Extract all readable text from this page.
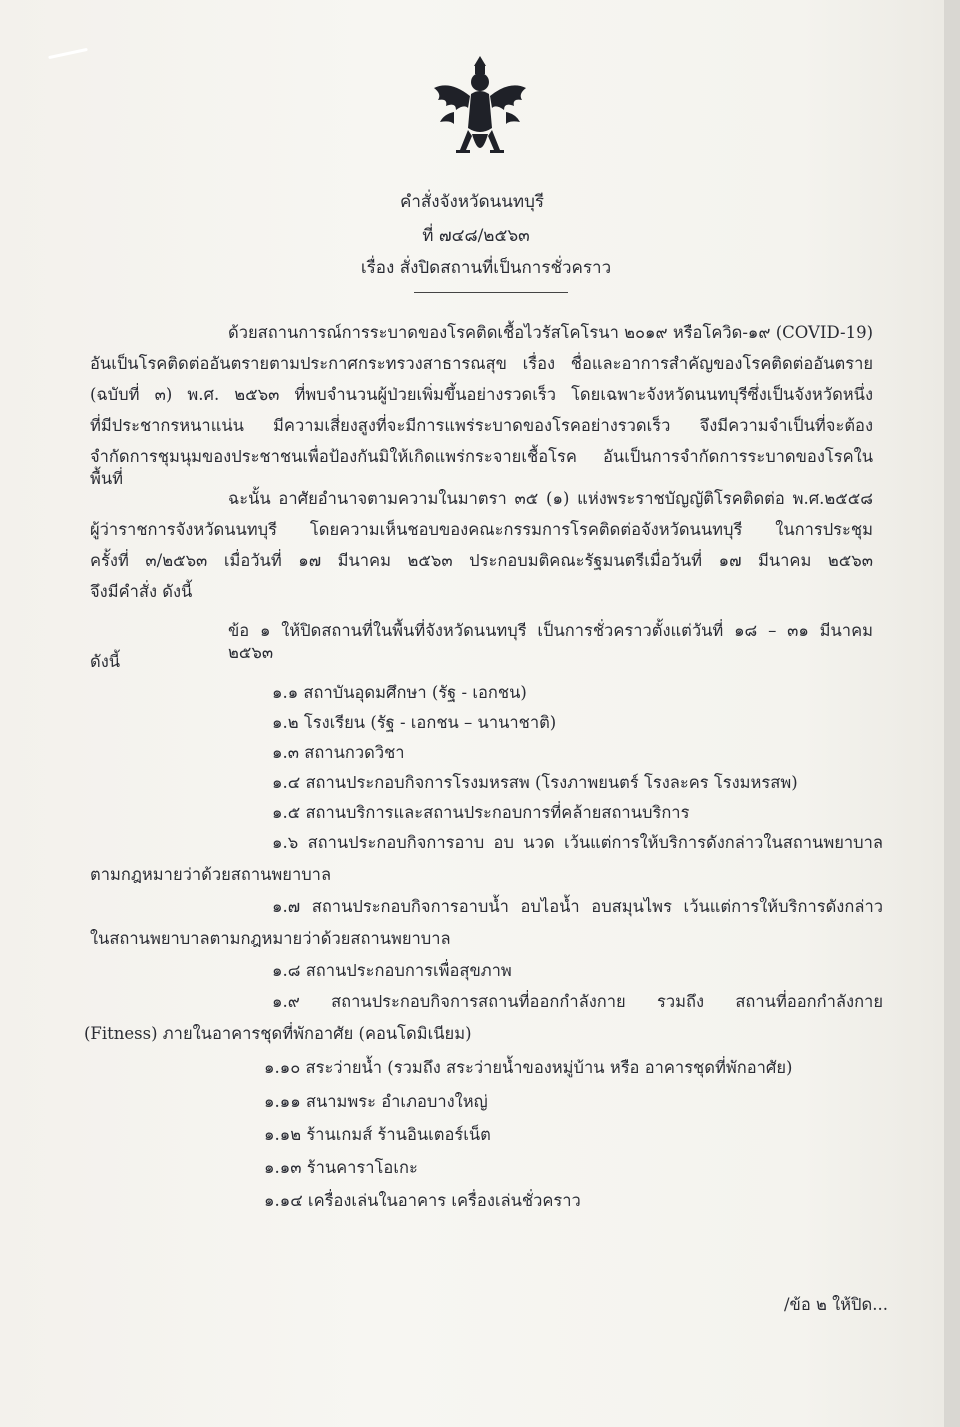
คำสั่งจังหวัดนนทบุรี
ที่ ๗๔๘/๒๕๖๓
เรื่อง สั่งปิดสถานที่เป็นการชั่วคราว
ด้วยสถานการณ์การระบาดของโรคติดเชื้อไวรัสโคโรนา ๒๐๑๙ หรือโควิด-๑๙ (COVID-19)
อันเป็นโรคติดต่ออันตรายตามประกาศกระทรวงสาธารณสุข เรื่อง ชื่อและอาการสำคัญของโรคติดต่ออันตราย
(ฉบับที่ ๓) พ.ศ. ๒๕๖๓ ที่พบจำนวนผู้ป่วยเพิ่มขึ้นอย่างรวดเร็ว โดยเฉพาะจังหวัดนนทบุรีซึ่งเป็นจังหวัดหนึ่ง
ที่มีประชากรหนาแน่น มีความเสี่ยงสูงที่จะมีการแพร่ระบาดของโรคอย่างรวดเร็ว จึงมีความจำเป็นที่จะต้อง
จำกัดการชุมนุมของประชาชนเพื่อป้องกันมิให้เกิดแพร่กระจายเชื้อโรค อันเป็นการจำกัดการระบาดของโรคในพื้นที่
ฉะนั้น อาศัยอำนาจตามความในมาตรา ๓๕ (๑) แห่งพระราชบัญญัติโรคติดต่อ พ.ศ.๒๕๕๘
ผู้ว่าราชการจังหวัดนนทบุรี โดยความเห็นชอบของคณะกรรมการโรคติดต่อจังหวัดนนทบุรี ในการประชุม
ครั้งที่ ๓/๒๕๖๓ เมื่อวันที่ ๑๗ มีนาคม ๒๕๖๓ ประกอบมติคณะรัฐมนตรีเมื่อวันที่ ๑๗ มีนาคม ๒๕๖๓
จึงมีคำสั่ง ดังนี้
ข้อ ๑ ให้ปิดสถานที่ในพื้นที่จังหวัดนนทบุรี เป็นการชั่วคราวตั้งแต่วันที่ ๑๘ – ๓๑ มีนาคม ๒๕๖๓
ดังนี้
๑.๑ สถาบันอุดมศึกษา (รัฐ - เอกชน)
๑.๒ โรงเรียน (รัฐ - เอกชน – นานาชาติ)
๑.๓ สถานกวดวิชา
๑.๔ สถานประกอบกิจการโรงมหรสพ (โรงภาพยนตร์ โรงละคร โรงมหรสพ)
๑.๕ สถานบริการและสถานประกอบการที่คล้ายสถานบริการ
๑.๖ สถานประกอบกิจการอาบ อบ นวด เว้นแต่การให้บริการดังกล่าวในสถานพยาบาล
ตามกฎหมายว่าด้วยสถานพยาบาล
๑.๗ สถานประกอบกิจการอาบน้ำ อบไอน้ำ อบสมุนไพร เว้นแต่การให้บริการดังกล่าว
ในสถานพยาบาลตามกฎหมายว่าด้วยสถานพยาบาล
๑.๘ สถานประกอบการเพื่อสุขภาพ
๑.๙ สถานประกอบกิจการสถานที่ออกกำลังกาย รวมถึง สถานที่ออกกำลังกาย
(Fitness) ภายในอาคารชุดที่พักอาศัย (คอนโดมิเนียม)
๑.๑๐ สระว่ายน้ำ (รวมถึง สระว่ายน้ำของหมู่บ้าน หรือ อาคารชุดที่พักอาศัย)
๑.๑๑ สนามพระ อำเภอบางใหญ่
๑.๑๒ ร้านเกมส์ ร้านอินเตอร์เน็ต
๑.๑๓ ร้านคาราโอเกะ
๑.๑๔ เครื่องเล่นในอาคาร เครื่องเล่นชั่วคราว
/ข้อ ๒ ให้ปิด...
